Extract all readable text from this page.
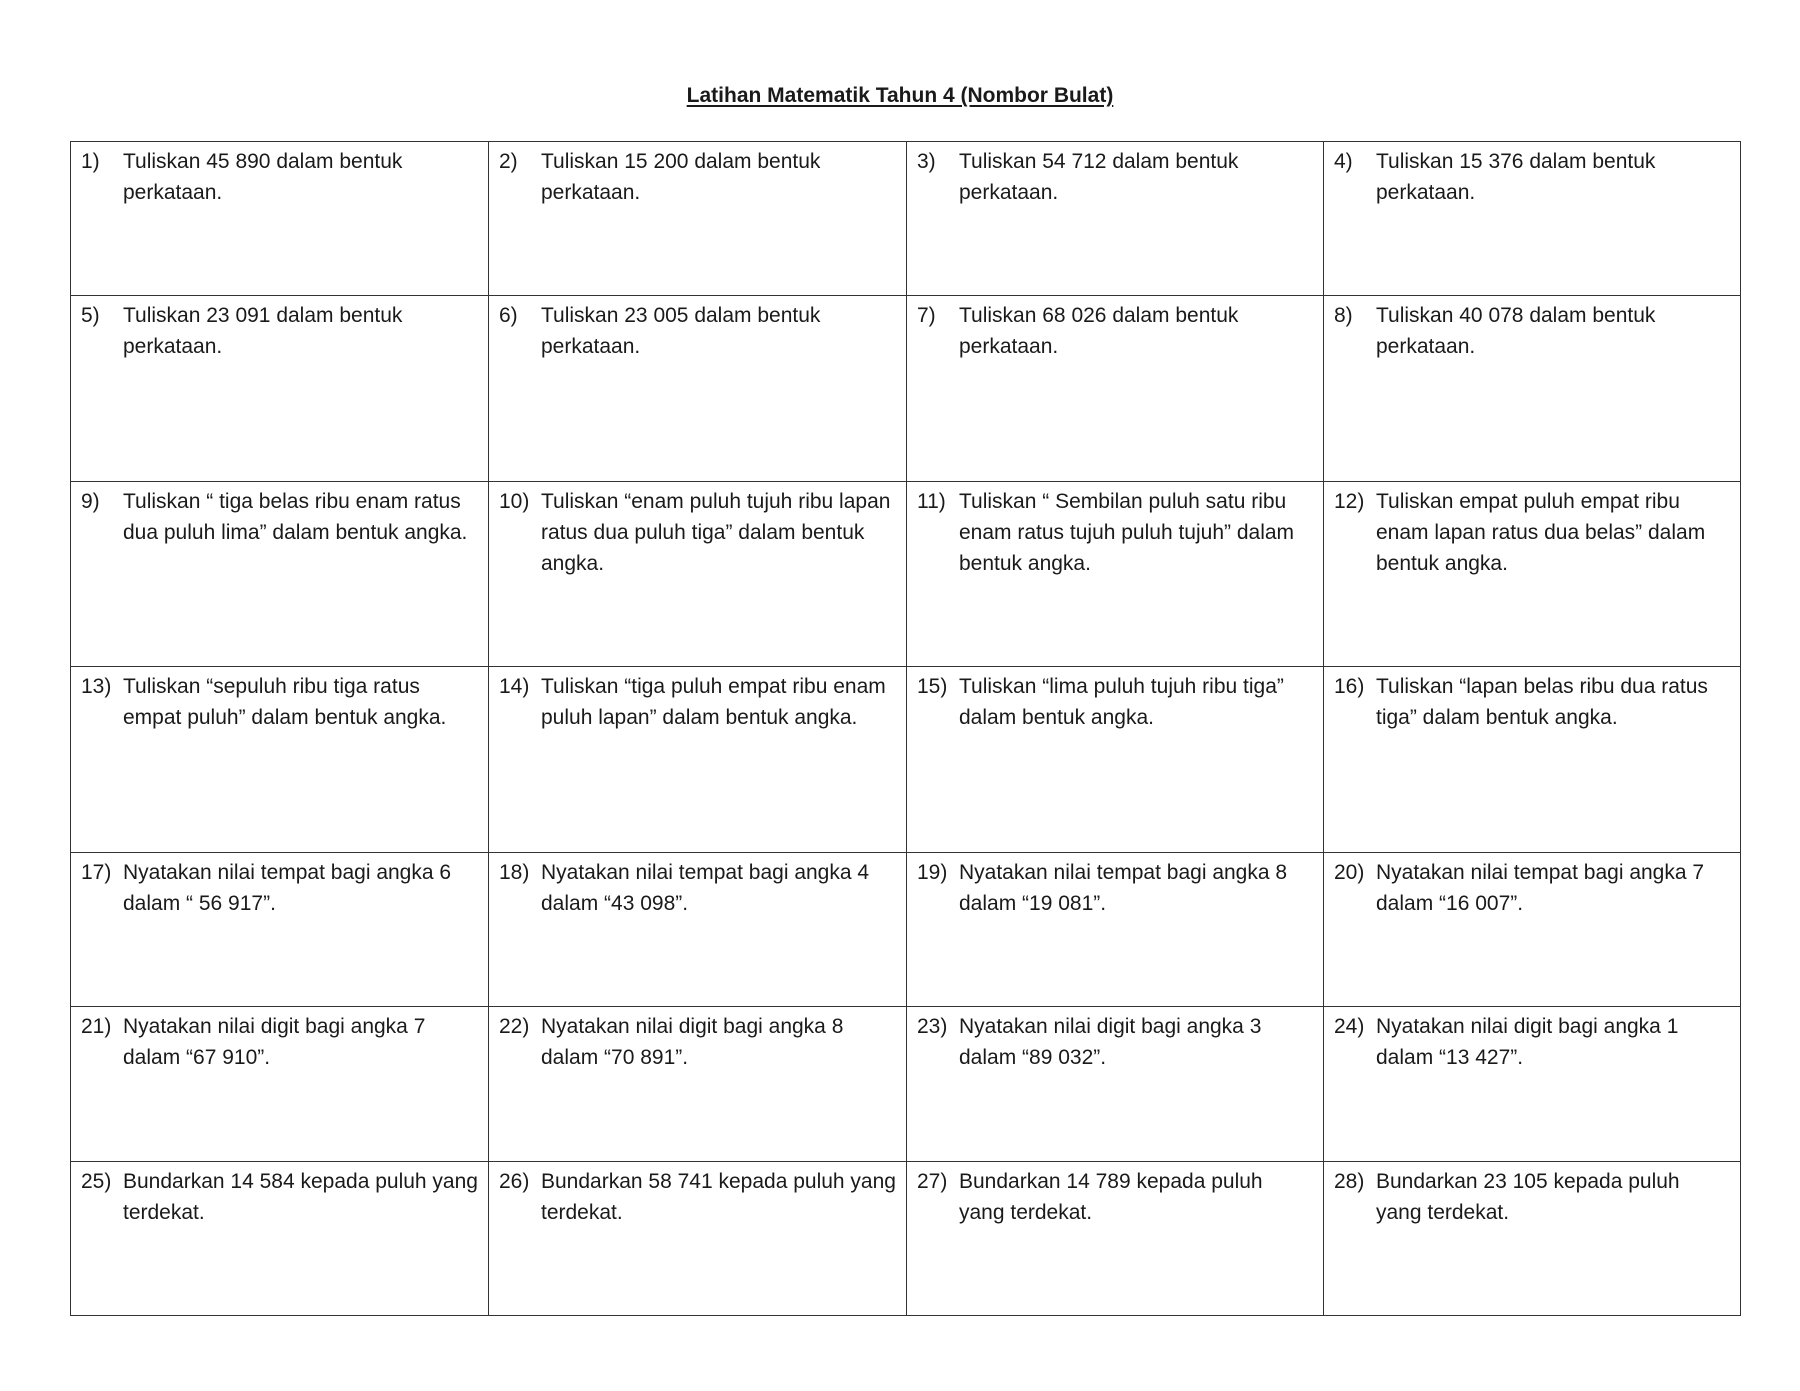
Latihan Matematik Tahun 4 (Nombor Bulat)
1) Tuliskan 45 890 dalam bentuk perkataan.	2) Tuliskan 15 200 dalam bentuk perkataan.	3) Tuliskan 54 712 dalam bentuk perkataan.	4) Tuliskan 15 376 dalam bentuk perkataan.

5) Tuliskan 23 091 dalam bentuk perkataan.	6) Tuliskan 23 005 dalam bentuk perkataan.	7) Tuliskan 68 026 dalam bentuk perkataan.	8) Tuliskan 40 078 dalam bentuk perkataan.

9) Tuliskan “ tiga belas ribu enam ratus dua puluh lima” dalam bentuk angka.	10) Tuliskan “enam puluh tujuh ribu lapan ratus dua puluh tiga” dalam bentuk angka.	11) Tuliskan “ Sembilan puluh satu ribu enam ratus tujuh puluh tujuh” dalam bentuk angka.	12) Tuliskan empat puluh empat ribu enam lapan ratus dua belas” dalam bentuk angka.

13) Tuliskan “sepuluh ribu tiga ratus empat puluh” dalam bentuk angka.	14) Tuliskan “tiga puluh empat ribu enam puluh lapan” dalam bentuk angka.	15) Tuliskan “lima puluh tujuh ribu tiga” dalam bentuk angka.	16) Tuliskan “lapan belas ribu dua ratus tiga” dalam bentuk angka.

17) Nyatakan nilai tempat bagi angka 6 dalam “ 56 917”.	18) Nyatakan nilai tempat bagi angka 4 dalam “43 098”.	19) Nyatakan nilai tempat bagi angka 8 dalam “19 081”.	20) Nyatakan nilai tempat bagi angka 7 dalam “16 007”.

21) Nyatakan nilai digit bagi angka 7 dalam “67 910”.	22) Nyatakan nilai digit bagi angka 8 dalam “70 891”.	23) Nyatakan nilai digit bagi angka 3 dalam “89 032”.	24) Nyatakan nilai digit bagi angka 1 dalam “13 427”.

25) Bundarkan 14 584 kepada puluh yang terdekat.	26) Bundarkan 58 741 kepada puluh yang terdekat.	27) Bundarkan 14 789 kepada puluh yang terdekat.	28) Bundarkan 23 105 kepada puluh yang terdekat.
